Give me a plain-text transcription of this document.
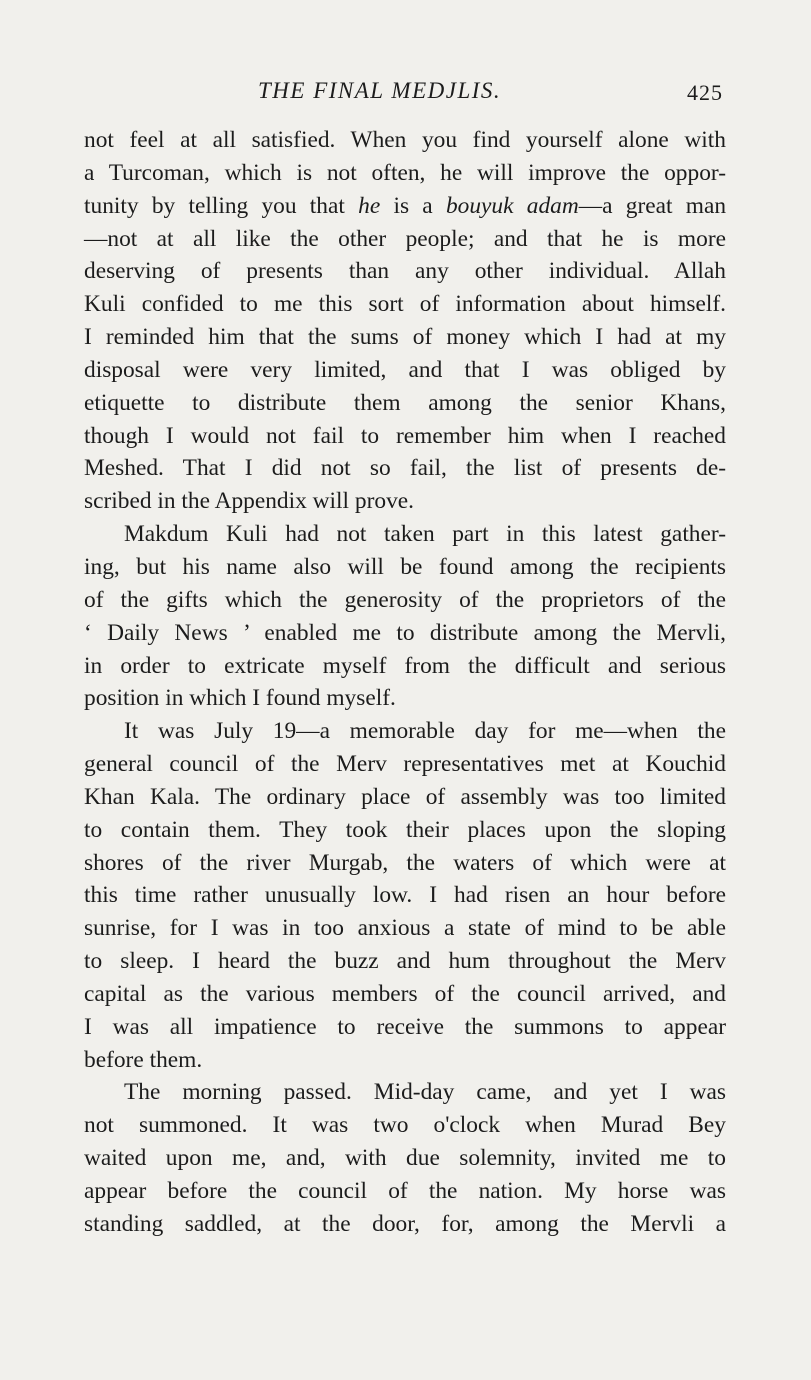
THE FINAL MEDJLIS.	425
not feel at all satisfied. When you find yourself alone with
a Turcoman, which is not often, he will improve the oppor-
tunity by telling you that he is a bouyuk adam—a great man
—not at all like the other people; and that he is more
deserving of presents than any other individual. Allah
Kuli confided to me this sort of information about himself.
I reminded him that the sums of money which I had at my
disposal were very limited, and that I was obliged by
etiquette to distribute them among the senior Khans,
though I would not fail to remember him when I reached
Meshed. That I did not so fail, the list of presents de-
scribed in the Appendix will prove.
Makdum Kuli had not taken part in this latest gather-
ing, but his name also will be found among the recipients
of the gifts which the generosity of the proprietors of the
‘ Daily News ’ enabled me to distribute among the Mervli,
in order to extricate myself from the difficult and serious
position in which I found myself.
It was July 19—a memorable day for me—when the
general council of the Merv representatives met at Kouchid
Khan Kala. The ordinary place of assembly was too limited
to contain them. They took their places upon the sloping
shores of the river Murgab, the waters of which were at
this time rather unusually low. I had risen an hour before
sunrise, for I was in too anxious a state of mind to be able
to sleep. I heard the buzz and hum throughout the Merv
capital as the various members of the council arrived, and
I was all impatience to receive the summons to appear
before them.
The morning passed. Mid-day came, and yet I was
not summoned. It was two o'clock when Murad Bey
waited upon me, and, with due solemnity, invited me to
appear before the council of the nation. My horse was
standing saddled, at the door, for, among the Mervli a
